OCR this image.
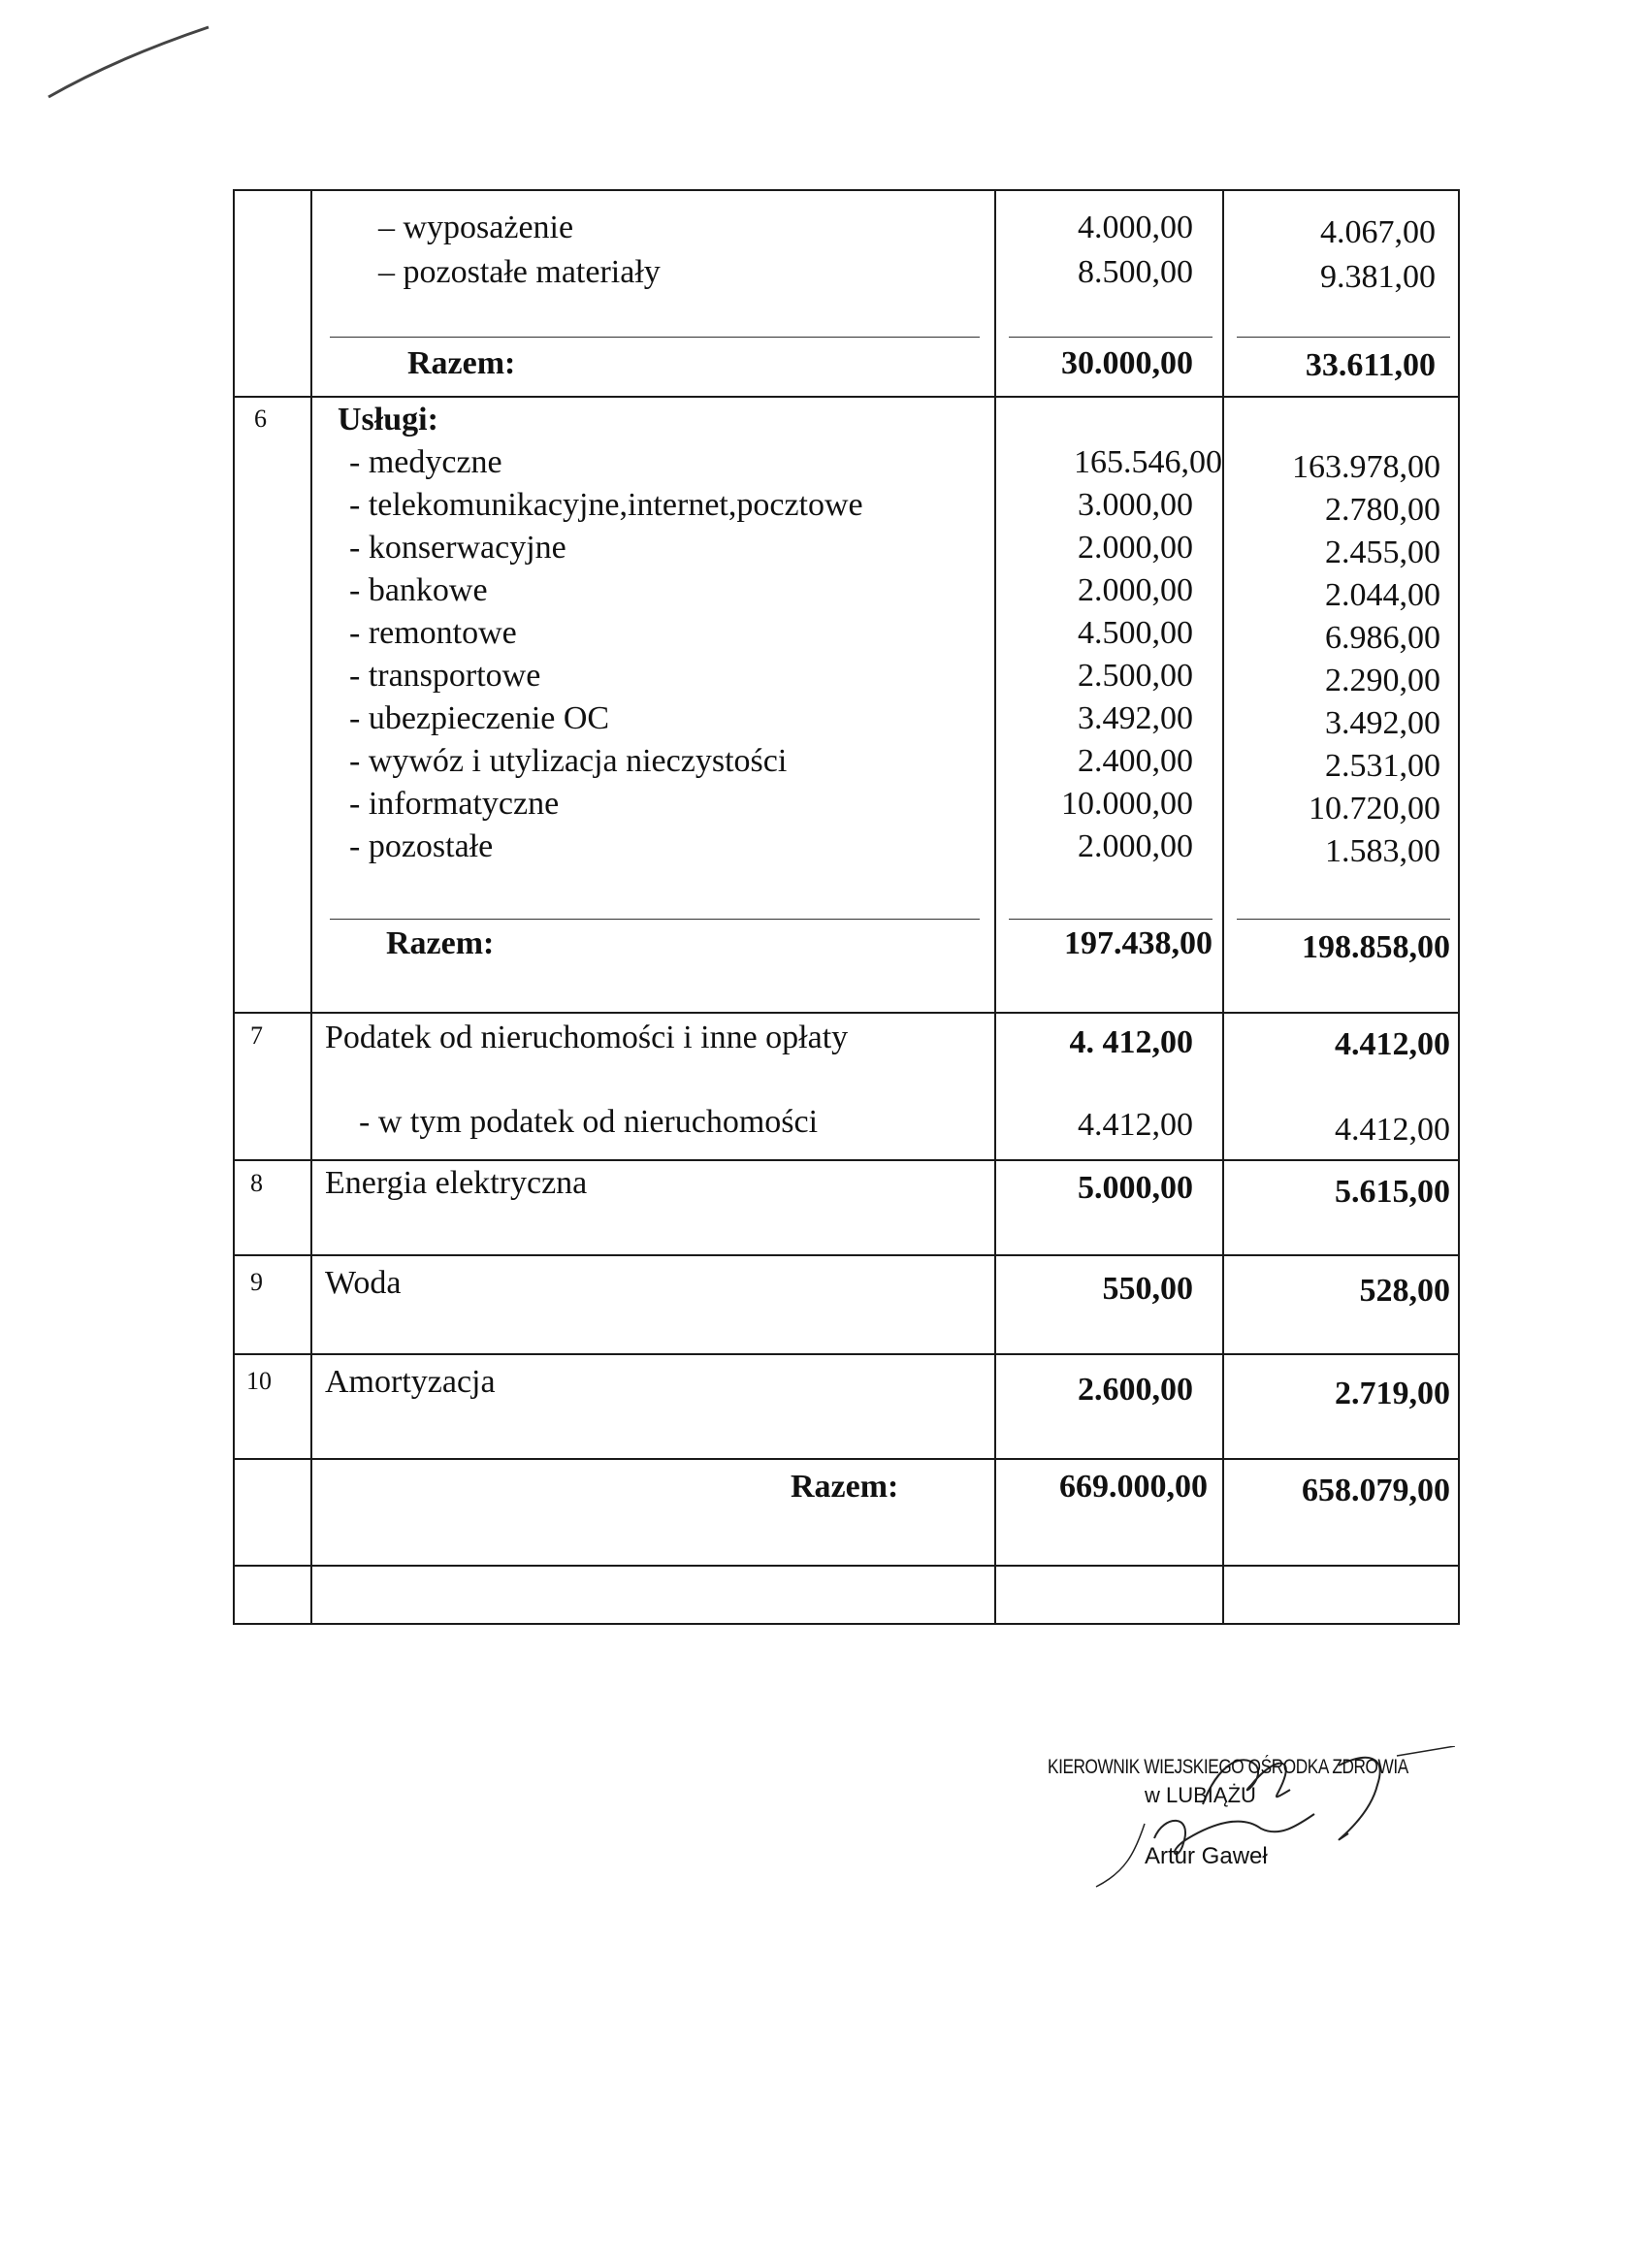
– wyposażenie	4.000,00	4.067,00
– pozostałe materiały	8.500,00	9.381,00
Razem:	30.000,00	33.611,00
6 Usługi:
- medyczne	165.546,00	163.978,00
- telekomunikacyjne,internet,pocztowe	3.000,00	2.780,00
- konserwacyjne	2.000,00	2.455,00
- bankowe	2.000,00	2.044,00
- remontowe	4.500,00	6.986,00
- transportowe	2.500,00	2.290,00
- ubezpieczenie OC	3.492,00	3.492,00
- wywóz i utylizacja nieczystości	2.400,00	2.531,00
- informatyczne	10.000,00	10.720,00
- pozostałe	2.000,00	1.583,00
Razem:	197.438,00	198.858,00
7 Podatek od nieruchomości i inne opłaty	4. 412,00	4.412,00
- w tym podatek od nieruchomości	4.412,00	4.412,00
8 Energia elektryczna	5.000,00	5.615,00
9 Woda	550,00	528,00
10 Amortyzacja	2.600,00	2.719,00
Razem:	669.000,00	658.079,00
KIEROWNIK WIEJSKIEGO OŚRODKA ZDROWIA
w LUBIĄŻU
Artur Gaweł
